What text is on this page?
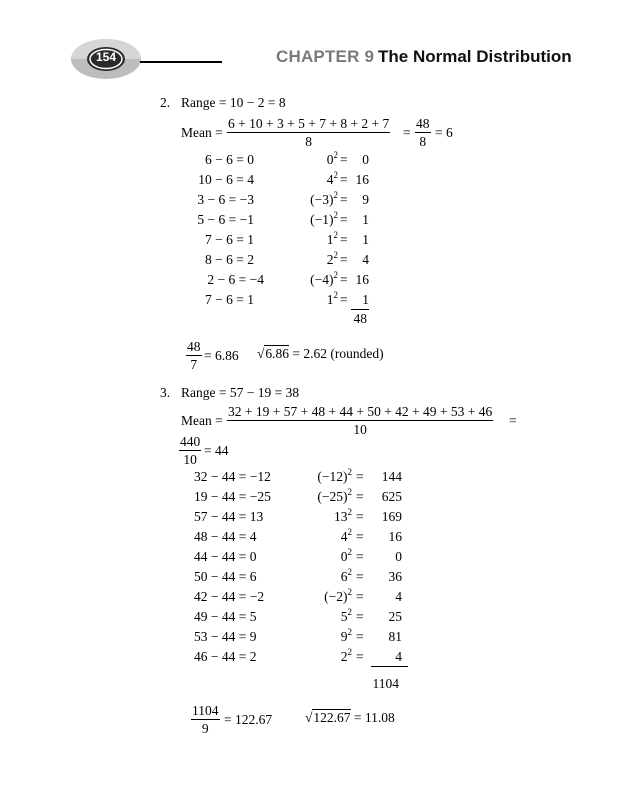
154	CHAPTER 9 The Normal Distribution
2. Range = 10 − 2 = 8
Mean = $\frac{6 + 10 + 3 + 5 + 7 + 8 + 2 + 7}{8} = \frac{48}{8} = 6$
6 − 6 = 0
10 − 6 = 4
3 − 6 = −3
5 − 6 = −1
7 − 6 = 1
8 − 6 = 2
2 − 6 = −4
7 − 6 = 1
$0^2 = 0$
$4^2 = 16$
$(-3)^2 = 9$
$(-1)^2 = 1$
$1^2 = 1$
$2^2 = 4$
$(-4)^2 = 16$
$1^2 = 1$
48
$\frac{48}{7} = 6.86$ √6.86 = 2.62 (rounded)
3. Range = 57 − 19 = 38
Mean = $\frac{32 + 19 + 57 + 48 + 44 + 50 + 42 + 49 + 53 + 46}{10}$ =
$\frac{440}{10} = 44$
32 − 44 = −12
19 − 44 = −25
57 − 44 = 13
48 − 44 = 4
44 − 44 = 0
50 − 44 = 6
42 − 44 = −2
49 − 44 = 5
53 − 44 = 9
46 − 44 = 2
$(-12)^2 = 144$
$(-25)^2 = 625$
$13^2 = 169$
$4^2 = 16$
$0^2 = 0$
$6^2 = 36$
$(-2)^2 = 4$
$5^2 = 25$
$9^2 = 81$
$2^2 = 4$
1104
$\frac{1104}{9} = 122.67$ √122.67 = 11.08
